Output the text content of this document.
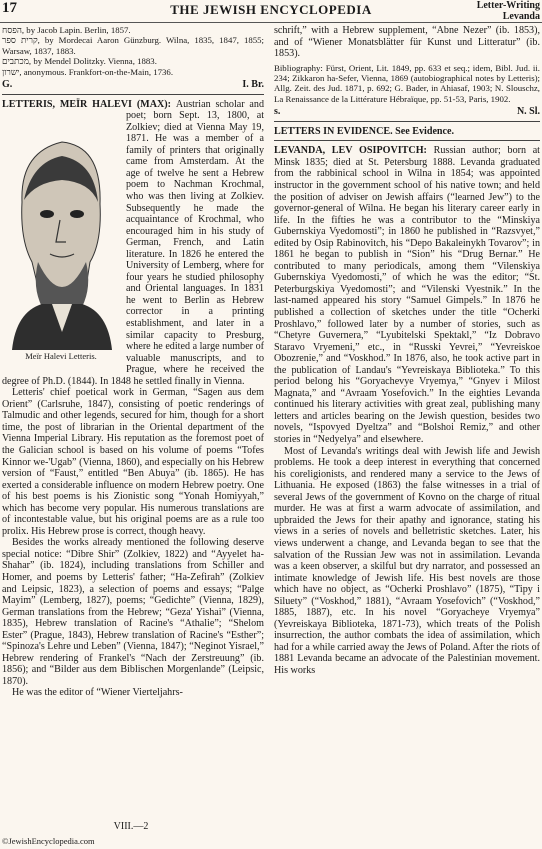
17	THE JEWISH ENCYCLOPEDIA	Letter-Writing
Levanda

הפסח, by Jacob Lapin. Berlin, 1857.

קרית ספר, by Mordecai Aaron Günzburg. Wilna, 1835, 1847, 1855; Warsaw, 1837, 1883.

מכתבים, by Mendel Dolitzky. Vienna, 1883.

ישרון, anonymous. Frankfort-on-the-Main, 1736.

G.	I. Br.

LETTERIS, MEÏR HALEVI (MAX):
Meïr Halevi Letteris.
Austrian scholar and poet; born Sept. 13, 1800, at Zolkiev; died at Vienna May 19, 1871. He was a member of a family of printers that originally came from Amsterdam. At the age of twelve he sent a Hebrew poem to Nachman Krochmal, who was then living at Zolkiev. Subsequently he made the acquaintance of Krochmal, who encouraged him in his study of German, French, and Latin literature. In 1826 he entered the University of Lemberg, where for four years he studied philosophy and Oriental languages. In 1831 he went to Berlin as Hebrew corrector in a printing establishment, and later in a similar capacity to Presburg, where he edited a large number of valuable manuscripts, and to Prague, where he received the degree of Ph.D. (1844). In 1848 he settled finally in Vienna.

Letteris' chief poetical work in German, “Sagen aus dem Orient” (Carlsruhe, 1847), consisting of poetic renderings of Talmudic and other legends, secured for him, though for a short time, the post of librarian in the Oriental department of the Vienna Imperial Library. His reputation as the foremost poet of the Galician school is based on his volume of poems “Tofes Kinnor we-'Ugab” (Vienna, 1860), and especially on his Hebrew version of “Faust,” entitled “Ben Abuya” (ib. 1865). He has exerted a considerable influence on modern Hebrew poetry. One of his best poems is his Zionistic song “Yonah Homiyyah,” which has become very popular. His numerous translations are of incontestable value, but his original poems are as a rule too prolix. His Hebrew prose is correct, though heavy.

Besides the works already mentioned the following deserve special notice: “Dibre Shir” (Zolkiev, 1822) and “Ayyelet ha-Shahar” (ib. 1824), including translations from Schiller and Homer, and poems by Letteris' father; “Ha-Zefirah” (Zolkiev and Leipsic, 1823), a selection of poems and essays; “Palge Mayim” (Lemberg, 1827), poems; “Gedichte” (Vienna, 1829), German translations from the Hebrew; “Geza' Yishai” (Vienna, 1835), Hebrew translation of Racine's “Athalie”; “Shelom Ester” (Prague, 1843), Hebrew translation of Racine's “Esther”; “Spinoza's Lehre und Leben” (Vienna, 1847); “Neginot Yisrael,” Hebrew rendering of Frankel's “Nach der Zerstreuung” (ib. 1856); and “Bilder aus dem Biblischen Morgenlande” (Leipsic, 1870).

He was the editor of “Wiener Vierteljahrs-

VIII.—2
©JewishEncyclopedia.com

schrift,” with a Hebrew supplement, “Abne Nezer” (ib. 1853), and of “Wiener Monatsblätter für Kunst und Litteratur” (ib. 1853).

Bibliography: Fürst, Orient, Lit. 1849, pp. 633 et seq.; idem, Bibl. Jud. ii. 234; Zikkaron ha-Sefer, Vienna, 1869 (autobiographical notes by Letteris); Allg. Zeit. des Jud. 1871, p. 692; G. Bader, in Ahiasaf, 1903; N. Slouschz, La Renaissance de la Littérature Hébraïque, pp. 51-53, Paris, 1902.

s.	N. Sl.

LETTERS IN EVIDENCE. See Evidence.

LEVANDA, LEV OSIPOVITCH: Russian author; born at Minsk 1835; died at St. Petersburg 1888. Levanda graduated from the rabbinical school in Wilna in 1854; was appointed instructor in the government school of his native town; and held the position of adviser on Jewish affairs (“learned Jew”) to the governor-general of Wilna. He began his literary career early in life. In the fifties he was a contributor to the “Minskiya Gubernskiya Vyedomosti”; in 1860 he published in “Razsvyet,” edited by Osip Rabinovitch, his “Depo Bakaleinykh Tovarov”; in 1861 he began to publish in “Sion” his “Drug Bernar.” He contributed to many periodicals, among them “Vilenskiya Gubernskiya Vyedomosti,” of which he was the editor; “St. Peterburgskiya Vyedomosti”; and “Vilenski Vyestnik.” In the last-named appeared his story “Samuel Gimpels.” In 1876 he published a collection of sketches under the title “Ocherki Proshlavo,” followed later by a number of stories, such as “Chetyre Guvernera,” “Lyubitelski Spektakl,” “Iz Dobravo Staravo Vryemeni,” etc., in “Russki Yevrei,” “Yevreiskoe Obozrenie,” and “Voskhod.” In 1876, also, he took active part in the publication of Landau's “Yevreiskaya Biblioteka.” To this period belong his “Goryachevye Vryemya,” “Gnyev i Milost Magnata,” and “Avraam Yosefovich.” In the eighties Levanda continued his literary activities with great zeal, publishing many letters and articles bearing on the Jewish question, besides two novels, “Ispovyed Dyeltza” and “Bolshoi Remiz,” and other stories in “Nedyelya” and elsewhere.

Most of Levanda's writings deal with Jewish life and Jewish problems. He took a deep interest in everything that concerned his coreligionists, and rendered many a service to the Jews of Lithuania. He exposed (1863) the false witnesses in a trial of several Jews of the government of Kovno on the charge of ritual murder. He was at first a warm advocate of assimilation, and upbraided the Jews for their apathy and ignorance, stating his views in a series of novels and belletristic sketches. Later, his views underwent a change, and Levanda began to see that the salvation of the Russian Jew was not in assimilation. Levanda was a keen observer, a skilful but dry narrator, and possessed an intimate knowledge of Jewish life. His best novels are those which have no object, as “Ocherki Proshlavo” (1875), “Tipy i Siluety” (“Voskhod,” 1881), “Avraam Yosefovich” (“Voskhod,” 1885, 1887), etc. In his novel “Goryacheye Vryemya” (Yevreiskaya Biblioteka, 1871-73), which treats of the Polish insurrection, the author combats the idea of assimilation, which had for a while carried away the Jews of Poland. After the riots of 1881 Levanda became an advocate of the Palestinian movement. His works
